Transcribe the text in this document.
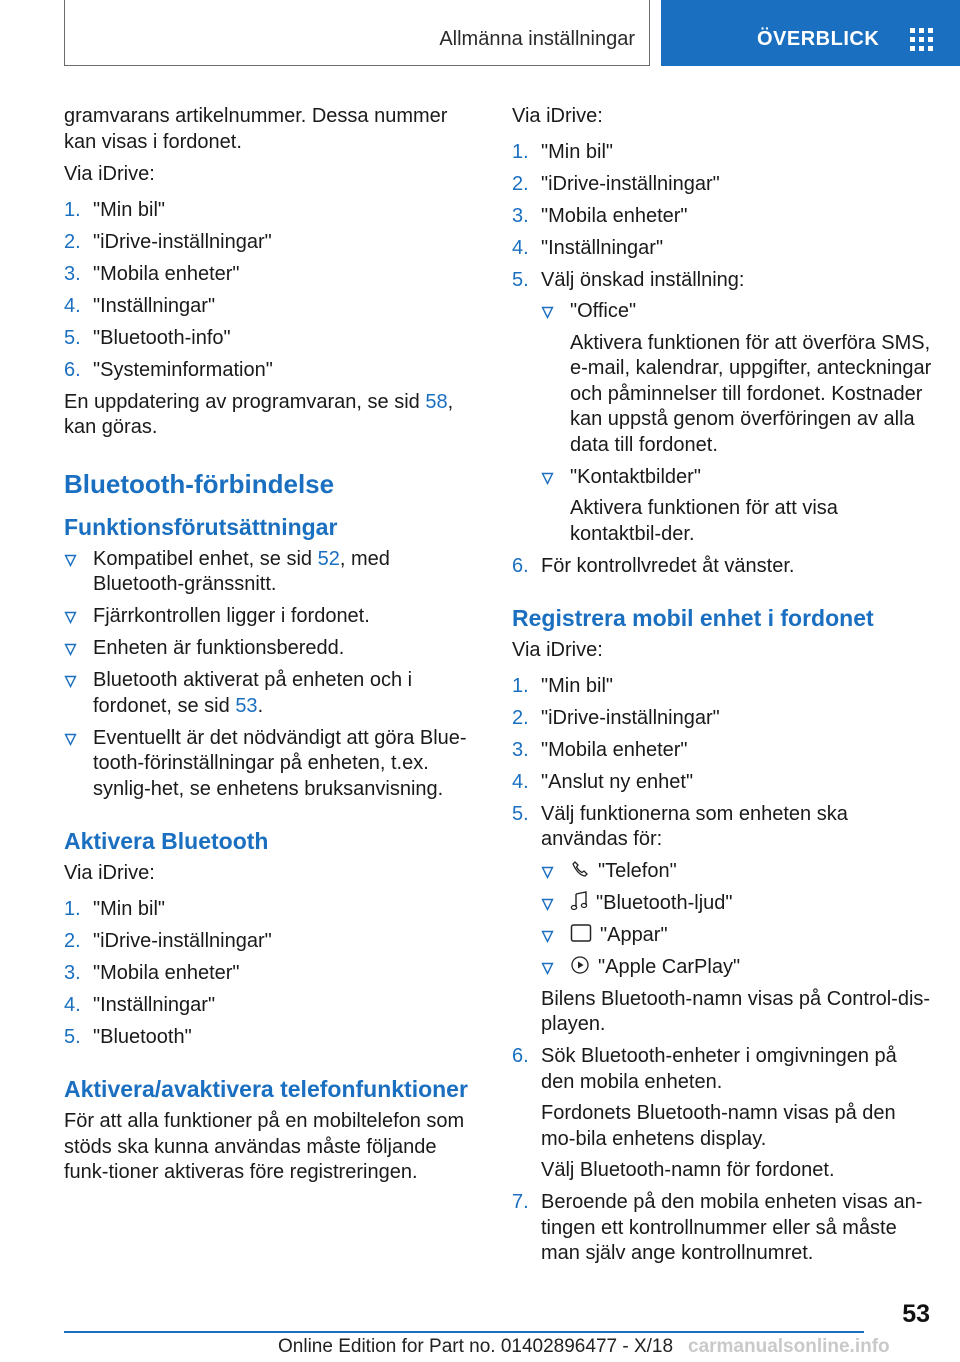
Allmänna inställningar	ÖVERBLICK

gramvarans artikelnummer. Dessa nummer kan visas i fordonet.

Via iDrive:

1. "Min bil"
2. "iDrive-inställningar"
3. "Mobila enheter"
4. "Inställningar"
5. "Bluetooth-info"
6. "Systeminformation"

En uppdatering av programvaran, se sid 58, kan göras.

Bluetooth-förbindelse
Funktionsförutsättningar
Kompatibel enhet, se sid 52, med Bluetooth-gränssnitt.
Fjärrkontrollen ligger i fordonet.
Enheten är funktionsberedd.
Bluetooth aktiverat på enheten och i fordonet, se sid 53.
Eventuellt är det nödvändigt att göra Blue-tooth-förinställningar på enheten, t.ex. synlig-het, se enhetens bruksanvisning.
Aktivera Bluetooth

Via iDrive:

1. "Min bil"
2. "iDrive-inställningar"
3. "Mobila enheter"
4. "Inställningar"
5. "Bluetooth"
Aktivera/avaktivera telefonfunktioner

För att alla funktioner på en mobiltelefon som stöds ska kunna användas måste följande funk-tioner aktiveras före registreringen.

Via iDrive:

1. "Min bil"
2. "iDrive-inställningar"
3. "Mobila enheter"
4. "Inställningar"
5. Välj önskad inställning:
"Office"
Aktivera funktionen för att överföra SMS, e-mail, kalendrar, uppgifter, anteckningar och påminnelser till fordonet. Kostnader kan uppstå genom överföringen av alla data till fordonet.
"Kontaktbilder"
Aktivera funktionen för att visa kontaktbil-der.
6. För kontrollvredet åt vänster.
Registrera mobil enhet i fordonet

Via iDrive:

1. "Min bil"
2. "iDrive-inställningar"
3. "Mobila enheter"
4. "Anslut ny enhet"
5. Välj funktionerna som enheten ska användas för:
"Telefon"
"Bluetooth-ljud"
"Appar"
"Apple CarPlay"
Bilens Bluetooth-namn visas på Control-dis-playen.
6. Sök Bluetooth-enheter i omgivningen på den mobila enheten.
Fordonets Bluetooth-namn visas på den mo-bila enhetens display.
Välj Bluetooth-namn för fordonet.
7. Beroende på den mobila enheten visas an-tingen ett kontrollnummer eller så måste man själv ange kontrollnumret.
53
Online Edition for Part no. 01402896477 - X/18 carmanualsonline.info
